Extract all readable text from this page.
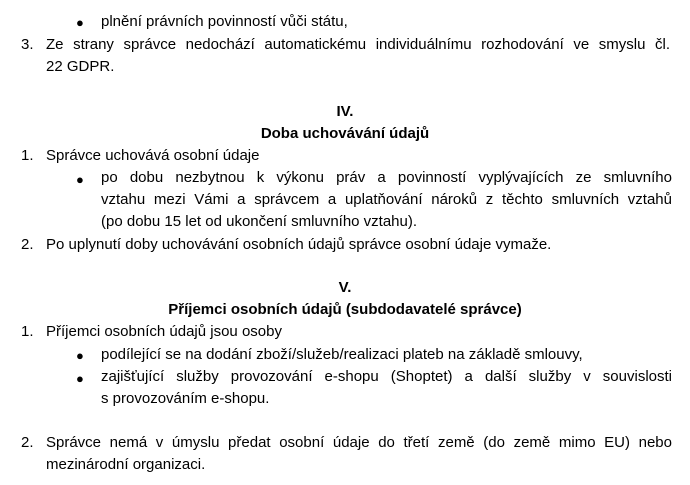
● plnění právních povinností vůči státu,
3. Ze strany správce nedochází automatickému individuálnímu rozhodování ve smyslu čl.
22 GDPR.
IV.
Doba uchovávání údajů
1. Správce uchovává osobní údaje
● po dobu nezbytnou k výkonu práv a povinností vyplývajících ze smluvního
vztahu mezi Vámi a správcem a uplatňování nároků z těchto smluvních vztahů
(po dobu 15 let od ukončení smluvního vztahu).
2. Po uplynutí doby uchovávání osobních údajů správce osobní údaje vymaže.
V.
Příjemci osobních údajů (subdodavatelé správce)
1. Příjemci osobních údajů jsou osoby
● podílející se na dodání zboží/služeb/realizaci plateb na základě smlouvy,
● zajišťující služby provozování e-shopu (Shoptet) a další služby v souvislosti
s provozováním e-shopu.
2. Správce nemá v úmyslu předat osobní údaje do třetí země (do země mimo EU) nebo
mezinárodní organizaci.
